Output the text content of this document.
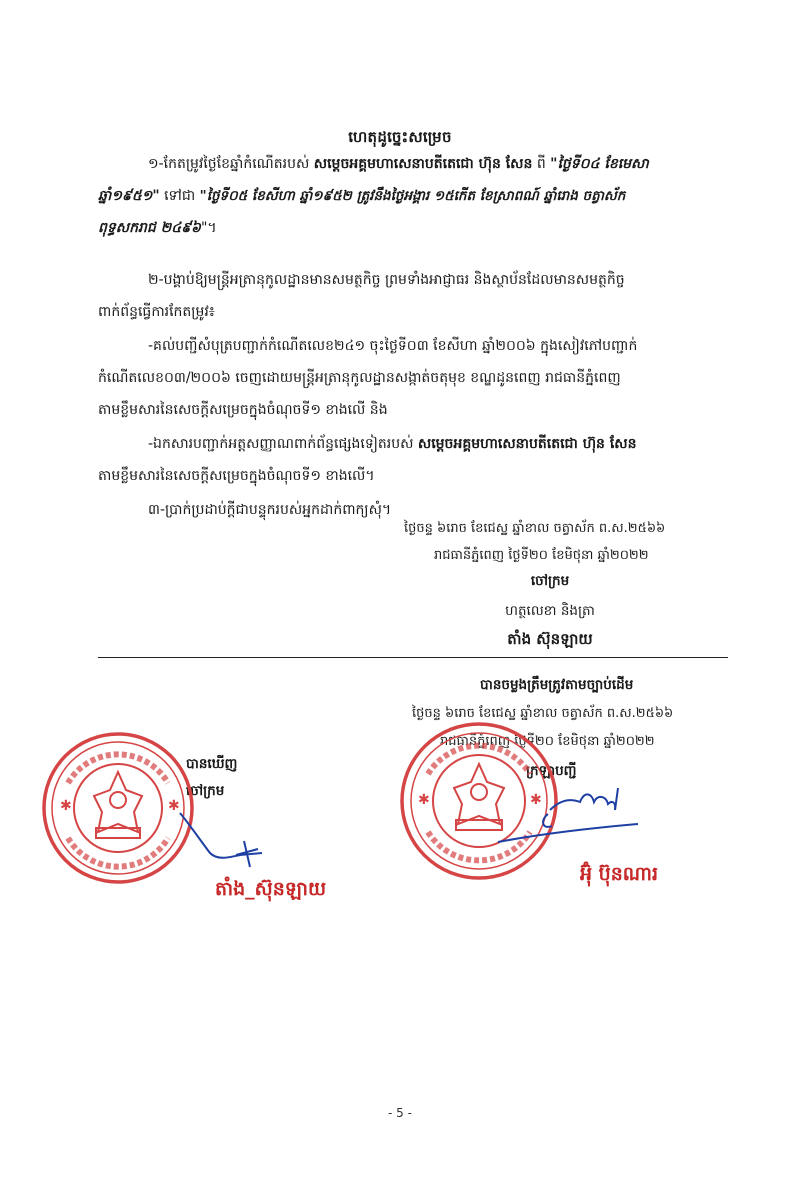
ហេតុដូច្នេះសម្រេច
១-កែតម្រូវថ្ងៃខែឆ្នាំកំណើតរបស់ សម្តេចអគ្គមហាសេនាបតីតេជោ ហ៊ុន សែន ពី "ថ្ងៃទី០៤ ខែមេសា
ឆ្នាំ១៩៥១" ទៅជា "ថ្ងៃទី០៥ ខែសីហា ឆ្នាំ១៩៥២ ត្រូវនឹងថ្ងៃអង្គារ ១៥កើត ខែស្រាពណ៍ ឆ្នាំរោង ចត្វាស័ក
ពុទ្ធសករាជ ២៤៩៦"។
២-បង្គាប់ឱ្យមន្ត្រីអត្រានុកូលដ្ឋានមានសមត្ថកិច្ច ព្រមទាំងអាជ្ញាធរ និងស្ថាប័នដែលមានសមត្ថកិច្ច
ពាក់ព័ន្ធធ្វើការកែតម្រូវ៖
-គល់បញ្ជីសំបុត្របញ្ជាក់កំណើតលេខ២៤១ ចុះថ្ងៃទី០៣ ខែសីហា ឆ្នាំ២០០៦ ក្នុងសៀវភៅបញ្ជាក់
កំណើតលេខ០៣/២០០៦ ចេញដោយមន្ត្រីអត្រានុកូលដ្ឋានសង្កាត់ចតុមុខ ខណ្ឌដូនពេញ រាជធានីភ្នំពេញ
តាមខ្លឹមសារនៃសេចក្តីសម្រេចក្នុងចំណុចទី១ ខាងលើ និង
-ឯកសារបញ្ជាក់អត្តសញ្ញាណពាក់ព័ន្ធផ្សេងទៀតរបស់ សម្តេចអគ្គមហាសេនាបតីតេជោ ហ៊ុន សែន
តាមខ្លឹមសារនៃសេចក្តីសម្រេចក្នុងចំណុចទី១ ខាងលើ។
៣-ប្រាក់ប្រដាប់ក្តីជាបន្ទុករបស់អ្នកដាក់ពាក្យសុំ។
ថ្ងៃចន្ទ ៦រោច ខែជេស្ឋ ឆ្នាំខាល ចត្វាស័ក ព.ស.២៥៦៦
រាជធានីភ្នំពេញ ថ្ងៃទី២០ ខែមិថុនា ឆ្នាំ២០២២
ចៅក្រម
ហត្ថលេខា និងត្រា
តាំង ស៊ុនឡាយ
បានចម្លងត្រឹមត្រូវតាមច្បាប់ដើម
ថ្ងៃចន្ទ ៦រោច ខែជេស្ឋ ឆ្នាំខាល ចត្វាស័ក ព.ស.២៥៦៦
រាជធានីភ្នំពេញ ថ្ងៃទី២០ ខែមិថុនា ឆ្នាំ២០២២
ក្រឡាបញ្ជី
បានឃើញ
ចៅក្រម
✱	✱	✱	✱
តាំង_ស៊ុនឡាយ
អ៊ុំ ប៊ុនណារ
- 5 -
